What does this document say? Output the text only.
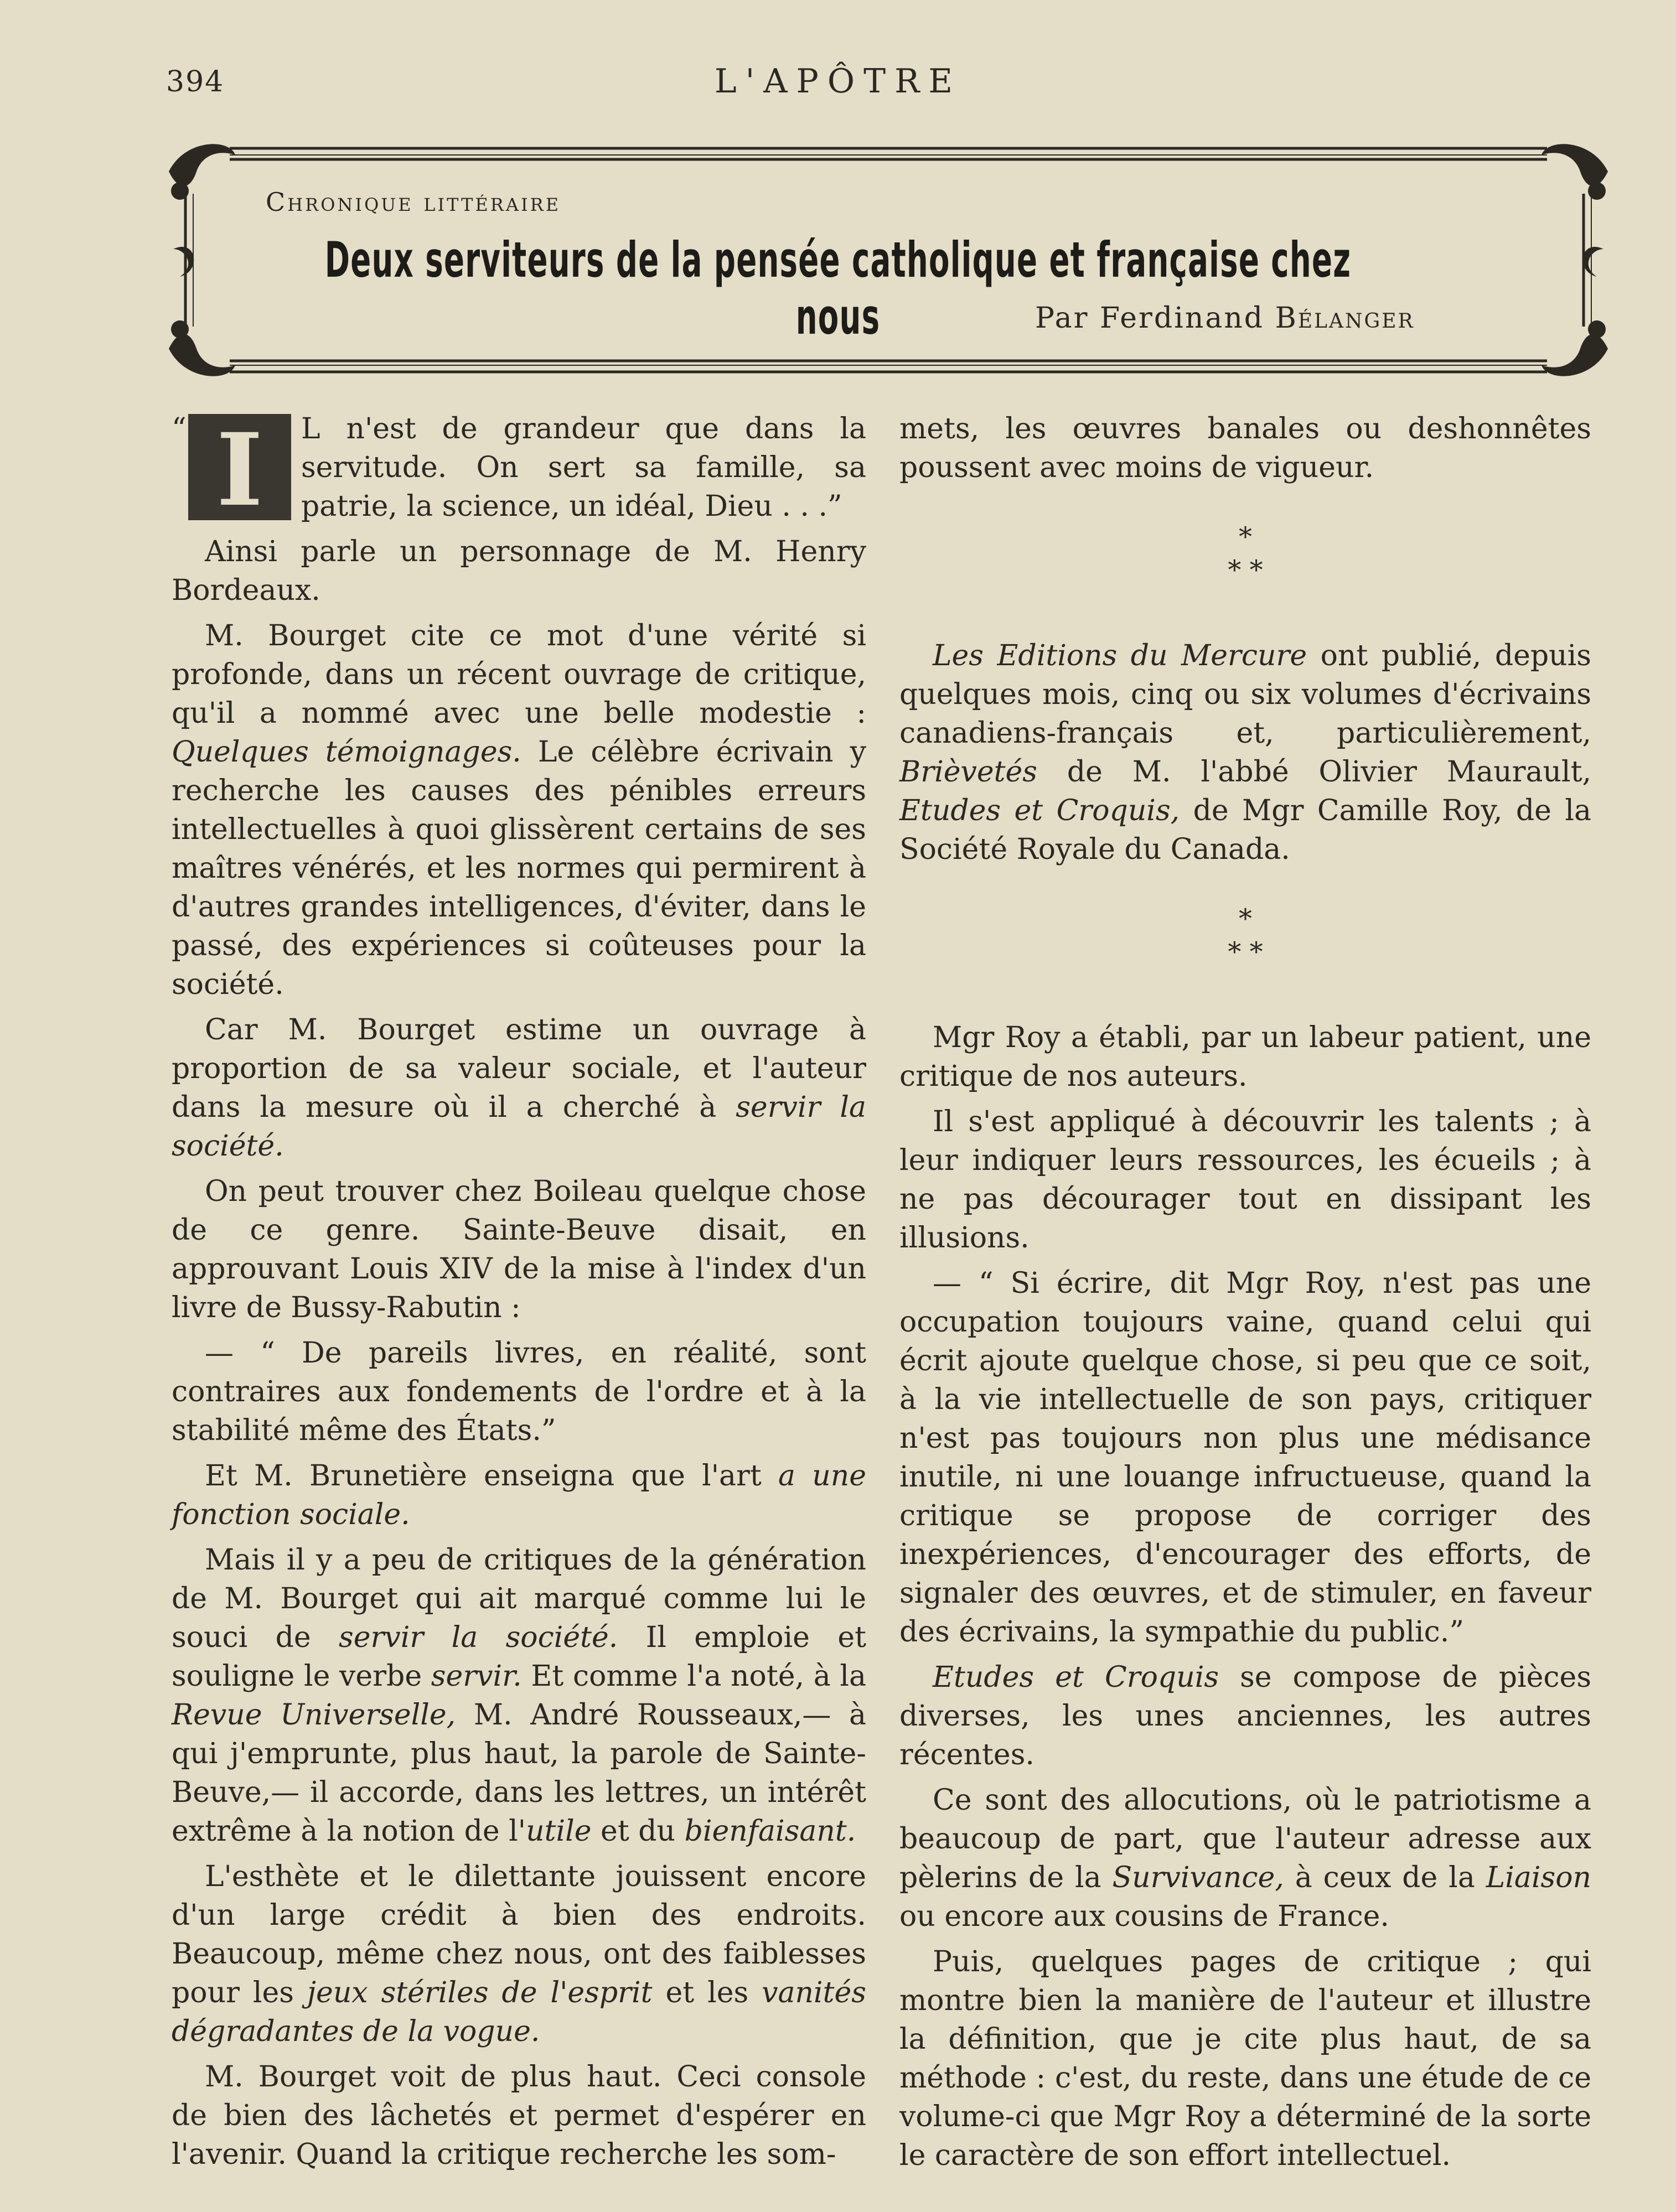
394	L'APÔTRE
Chronique littéraire
Deux serviteurs de la pensée catholique et française chez nous	Par Ferdinand Bélanger

“ I	L n'est de grandeur que dans la servitude. On sert sa famille, sa patrie, la science, un idéal, Dieu . . .”

Ainsi parle un personnage de M. Henry Bordeaux.

M. Bourget cite ce mot d'une vérité si profonde, dans un récent ouvrage de critique, qu'il a nommé avec une belle modestie : Quelques témoignages. Le célèbre écrivain y recherche les causes des pénibles erreurs intellectuelles à quoi glissèrent certains de ses maîtres vénérés, et les normes qui permirent à d'autres grandes intelligences, d'éviter, dans le passé, des expériences si coûteuses pour la société.

Car M. Bourget estime un ouvrage à proportion de sa valeur sociale, et l'auteur dans la mesure où il a cherché à servir la société.

On peut trouver chez Boileau quelque chose de ce genre. Sainte-Beuve disait, en approuvant Louis XIV de la mise à l'index d'un livre de Bussy-Rabutin :

— “ De pareils livres, en réalité, sont contraires aux fondements de l'ordre et à la stabilité même des États.”

Et M. Brunetière enseigna que l'art a une fonction sociale.

Mais il y a peu de critiques de la génération de M. Bourget qui ait marqué comme lui le souci de servir la société. Il emploie et souligne le verbe servir. Et comme l'a noté, à la Revue Universelle, M. André Rousseaux,— à qui j'emprunte, plus haut, la parole de Sainte-Beuve,— il accorde, dans les lettres, un intérêt extrême à la notion de l'utile et du bienfaisant.

L'esthète et le dilettante jouissent encore d'un large crédit à bien des endroits. Beaucoup, même chez nous, ont des faiblesses pour les jeux stériles de l'esprit et les vanités dégradantes de la vogue.

M. Bourget voit de plus haut. Ceci console de bien des lâchetés et permet d'espérer en l'avenir. Quand la critique recherche les som-

mets, les œuvres banales ou deshonnêtes poussent avec moins de vigueur.

*
* *

Les Editions du Mercure ont publié, depuis quelques mois, cinq ou six volumes d'écrivains canadiens-français et, particulièrement, Brièvetés de M. l'abbé Olivier Maurault, Etudes et Croquis, de Mgr Camille Roy, de la Société Royale du Canada.

*
* *

Mgr Roy a établi, par un labeur patient, une critique de nos auteurs.

Il s'est appliqué à découvrir les talents ; à leur indiquer leurs ressources, les écueils ; à ne pas décourager tout en dissipant les illusions.

— “ Si écrire, dit Mgr Roy, n'est pas une occupation toujours vaine, quand celui qui écrit ajoute quelque chose, si peu que ce soit, à la vie intellectuelle de son pays, critiquer n'est pas toujours non plus une médisance inutile, ni une louange infructueuse, quand la critique se propose de corriger des inexpériences, d'encourager des efforts, de signaler des œuvres, et de stimuler, en faveur des écrivains, la sympathie du public.”

Etudes et Croquis se compose de pièces diverses, les unes anciennes, les autres récentes.

Ce sont des allocutions, où le patriotisme a beaucoup de part, que l'auteur adresse aux pèlerins de la Survivance, à ceux de la Liaison ou encore aux cousins de France.

Puis, quelques pages de critique ; qui montre bien la manière de l'auteur et illustre la définition, que je cite plus haut, de sa méthode : c'est, du reste, dans une étude de ce volume-ci que Mgr Roy a déterminé de la sorte le caractère de son effort intellectuel.
